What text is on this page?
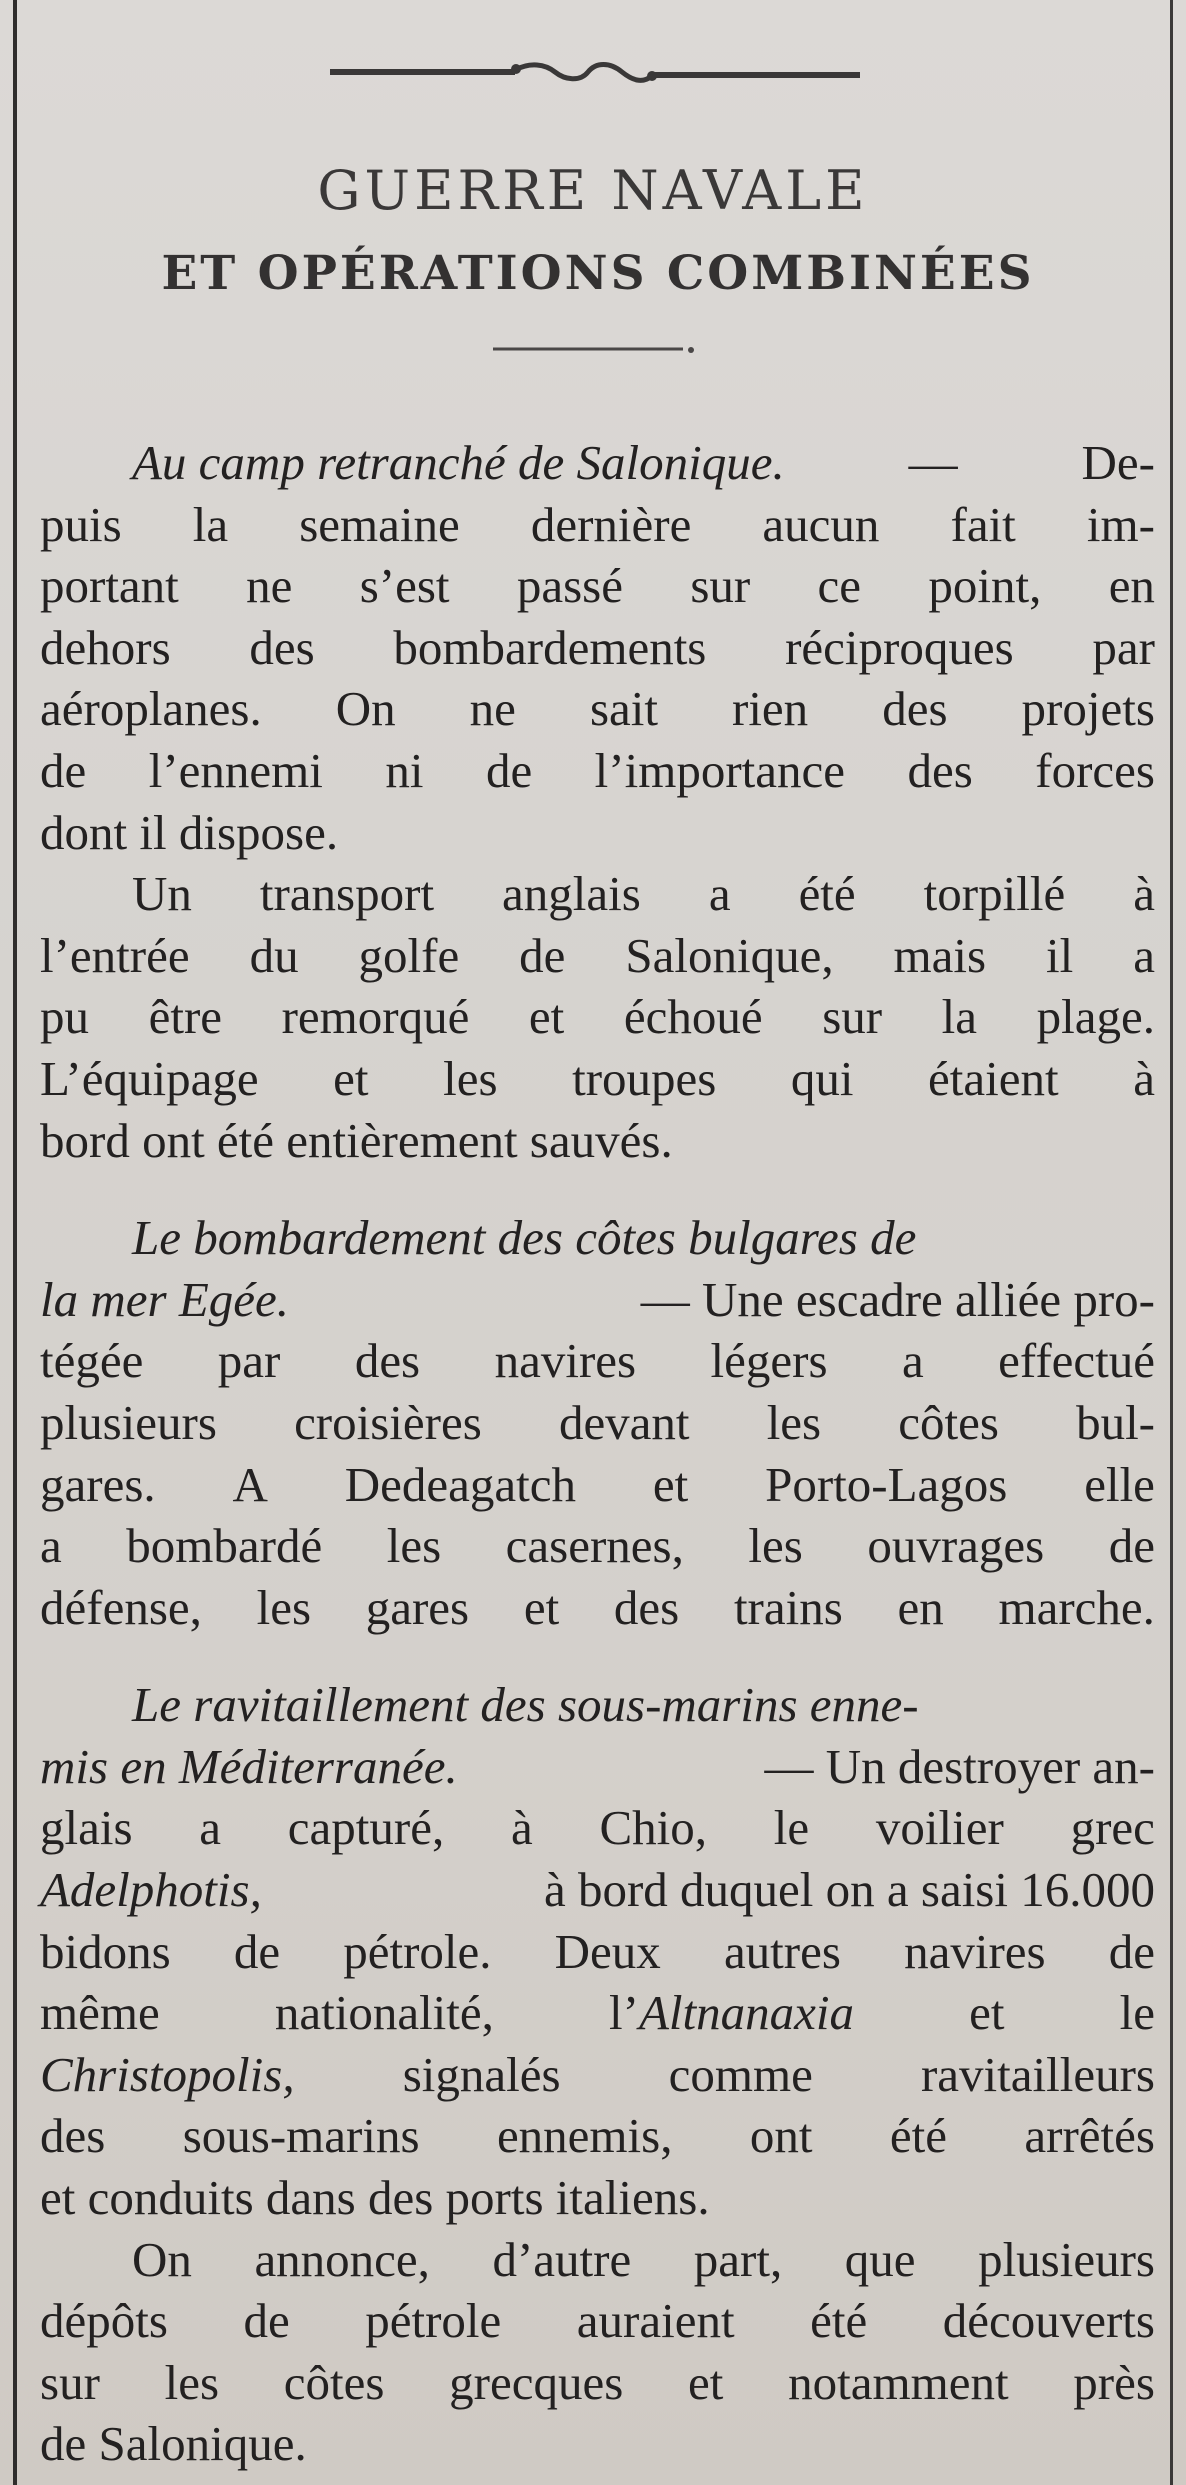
GUERRE NAVALE
ET OPÉRATIONS COMBINÉES
Au camp retranché de Salonique.	—	De-
puis la semaine dernière aucun fait im-
portant ne s’est passé sur ce point, en
dehors des bombardements réciproques par
aéroplanes. On ne sait rien des projets
de l’ennemi ni de l’importance des forces
dont il dispose.
Un transport anglais a été torpillé à
l’entrée du golfe de Salonique, mais il a
pu être remorqué et échoué sur la plage.
L’équipage et les troupes qui étaient à
bord ont été entièrement sauvés.
Le bombardement des côtes bulgares de
la mer Egée.	— Une escadre alliée pro-
tégée par des navires légers a effectué
plusieurs croisières devant les côtes bul-
gares. A Dedeagatch et Porto-Lagos elle
a bombardé les casernes, les ouvrages de
défense, les gares et des trains en marche.
Le ravitaillement des sous-marins enne-
mis en Méditerranée.	— Un destroyer an-
glais a capturé, à Chio, le voilier grec
Adelphotis,	à bord duquel on a saisi 16.000
bidons de pétrole. Deux autres navires de
même nationalité, l’Altnanaxia et le
Christopolis, signalés comme ravitailleurs
des sous-marins ennemis, ont été arrêtés
et conduits dans des ports italiens.
On annonce, d’autre part, que plusieurs
dépôts de pétrole auraient été découverts
sur les côtes grecques et notamment près
de Salonique.
